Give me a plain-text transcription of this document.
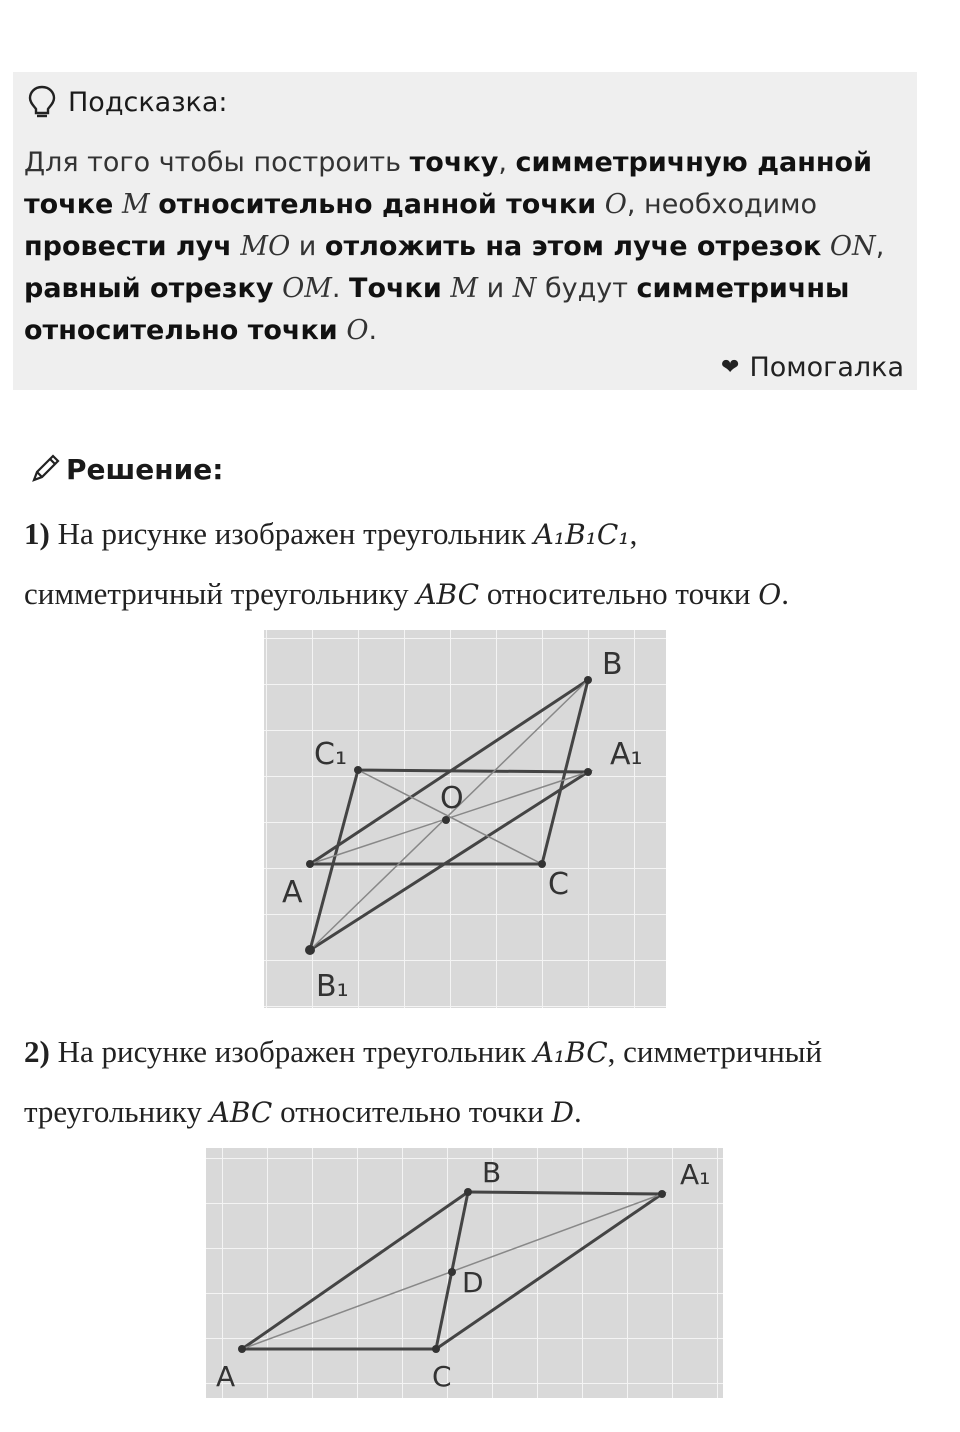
Подсказка:
Для того чтобы построить точку, симметричную данной точке M относительно данной точки O, необходимо провести луч MO и отложить на этом луче отрезок ON, равный отрезку OM. Точки M и N будут симметричны относительно точки O.
❤ Помогалка
Решение:
1) На рисунке изображен треугольник A₁B₁C₁,
симметричный треугольнику ABC относительно точки O.
B
C₁	A₁
O
A	C
B₁
2) На рисунке изображен треугольник A₁BC, симметричный
треугольнику ABC относительно точки D.
B	A₁
D
A	C
